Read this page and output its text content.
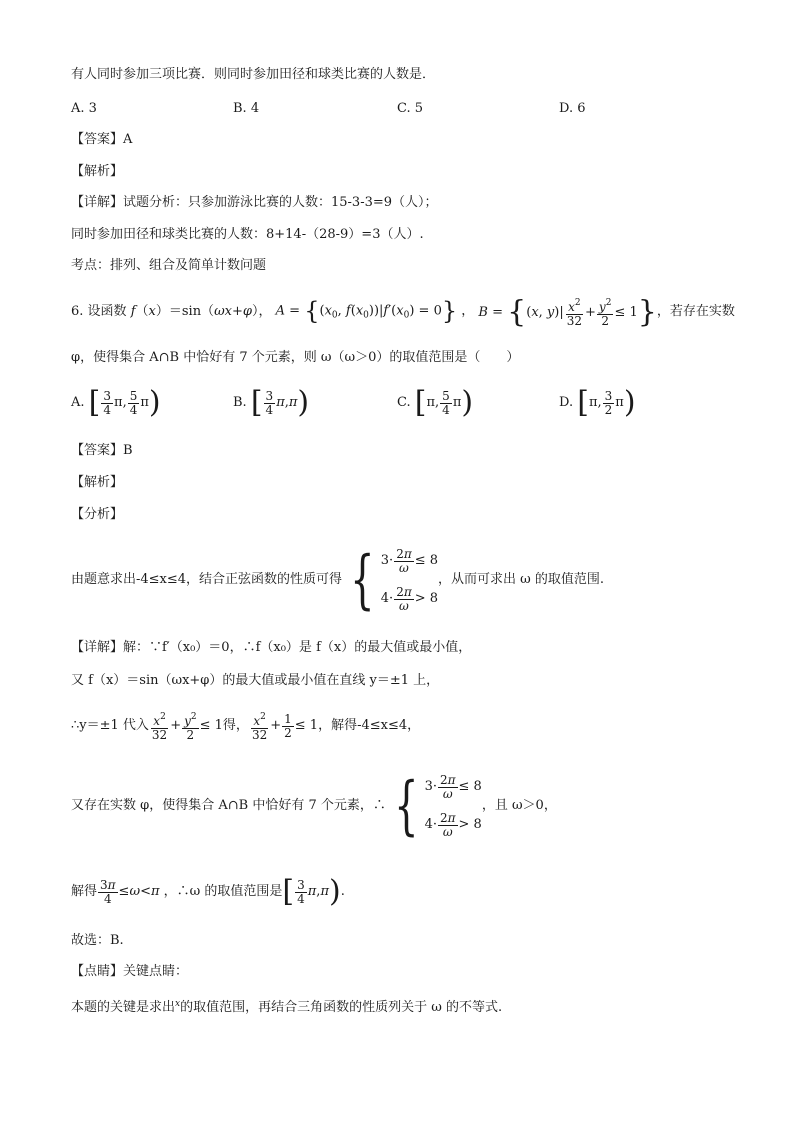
有人同时参加三项比赛．则同时参加田径和球类比赛的人数是．
A. 3	B. 4	C. 5	D. 6
【答案】A
【解析】
【详解】试题分析：只参加游泳比赛的人数：15-3-3=9（人）；
同时参加田径和球类比赛的人数：8+14-（28-9）=3（人）.
考点：排列、组合及简单计数问题
6. 设函数 f（x）＝sin（ωx+φ）， $A = \{(x_0$, $f(x_0))|f'(x_0) = 0$} ， B = {(x, $y)| \frac{x^2}{32} + \frac{y^2}{2} \le 1$} ，若存在实数
φ，使得集合 A∩B 中恰好有 7 个元素，则 ω（ω＞0）的取值范围是（　　）
A.
[ $\frac{3}{4} \pi$, $\frac{5}{4}$ π )	B.
[ $\frac{3}{4}$ π , π )	C.
[ π, $\frac{5}{4}$ π )	D.
[ π, $\frac{3}{2}$ π )
【答案】B
【解析】
【分析】
由题意求出-4≤x≤4，结合正弦函数的性质可得 { $3\cdot \frac{2\pi}{\omega} \le 8$
$4\cdot \frac{2\pi}{\omega} > 8$
，从而可求出 ω 的取值范围.
【详解】解：∵f′（x₀）＝0，∴f（x₀）是 f（x）的最大值或最小值，
又 f（x）＝sin（ωx+φ）的最大值或最小值在直线 y＝±1 上，
∴y＝±1 代入 $\frac{x^2}{32} + \frac{y^2}{2} \le 1$ 得， $\frac{x^2}{32} + \frac{1}{2} \le 1$ ，解得-4≤x≤4，
又存在实数 φ，使得集合 A∩B 中恰好有 7 个元素，∴ { $3\cdot \frac{2\pi}{\omega} \le 8$
$4\cdot \frac{2\pi}{\omega} > 8$
，且 ω＞0，
解得 $\frac{3\pi}{4} \le \omega < \pi$
，∴ω 的取值范围是 [ $\frac{3}{4}$ π , π ) .
故选：B.
【点睛】关键点睛：
本题的关键是求出$^x$的取值范围，再结合三角函数的性质列关于 ω 的不等式.
